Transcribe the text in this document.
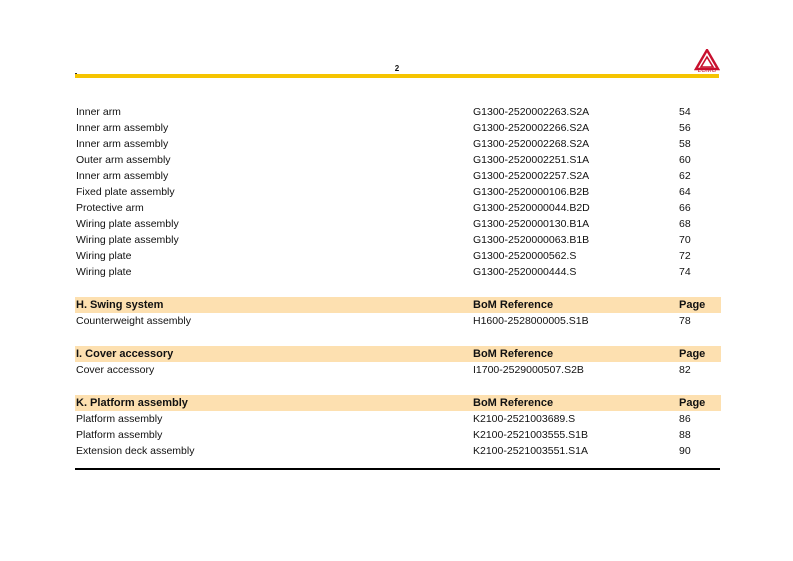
2	LGMG
Inner arm	G1300-2520002263.S2A	54
Inner arm assembly	G1300-2520002266.S2A	56
Inner arm assembly	G1300-2520002268.S2A	58
Outer arm assembly	G1300-2520002251.S1A	60
Inner arm assembly	G1300-2520002257.S2A	62
Fixed plate assembly	G1300-2520000106.B2B	64
Protective arm	G1300-2520000044.B2D	66
Wiring plate assembly	G1300-2520000130.B1A	68
Wiring plate assembly	G1300-2520000063.B1B	70
Wiring plate	G1300-2520000562.S	72
Wiring plate	G1300-2520000444.S	74
H. Swing system	BoM Reference	Page
Counterweight assembly	H1600-2528000005.S1B	78
I. Cover accessory	BoM Reference	Page
Cover accessory	I1700-2529000507.S2B	82
K. Platform assembly	BoM Reference	Page
Platform assembly	K2100-2521003689.S	86
Platform assembly	K2100-2521003555.S1B	88
Extension deck assembly	K2100-2521003551.S1A	90
